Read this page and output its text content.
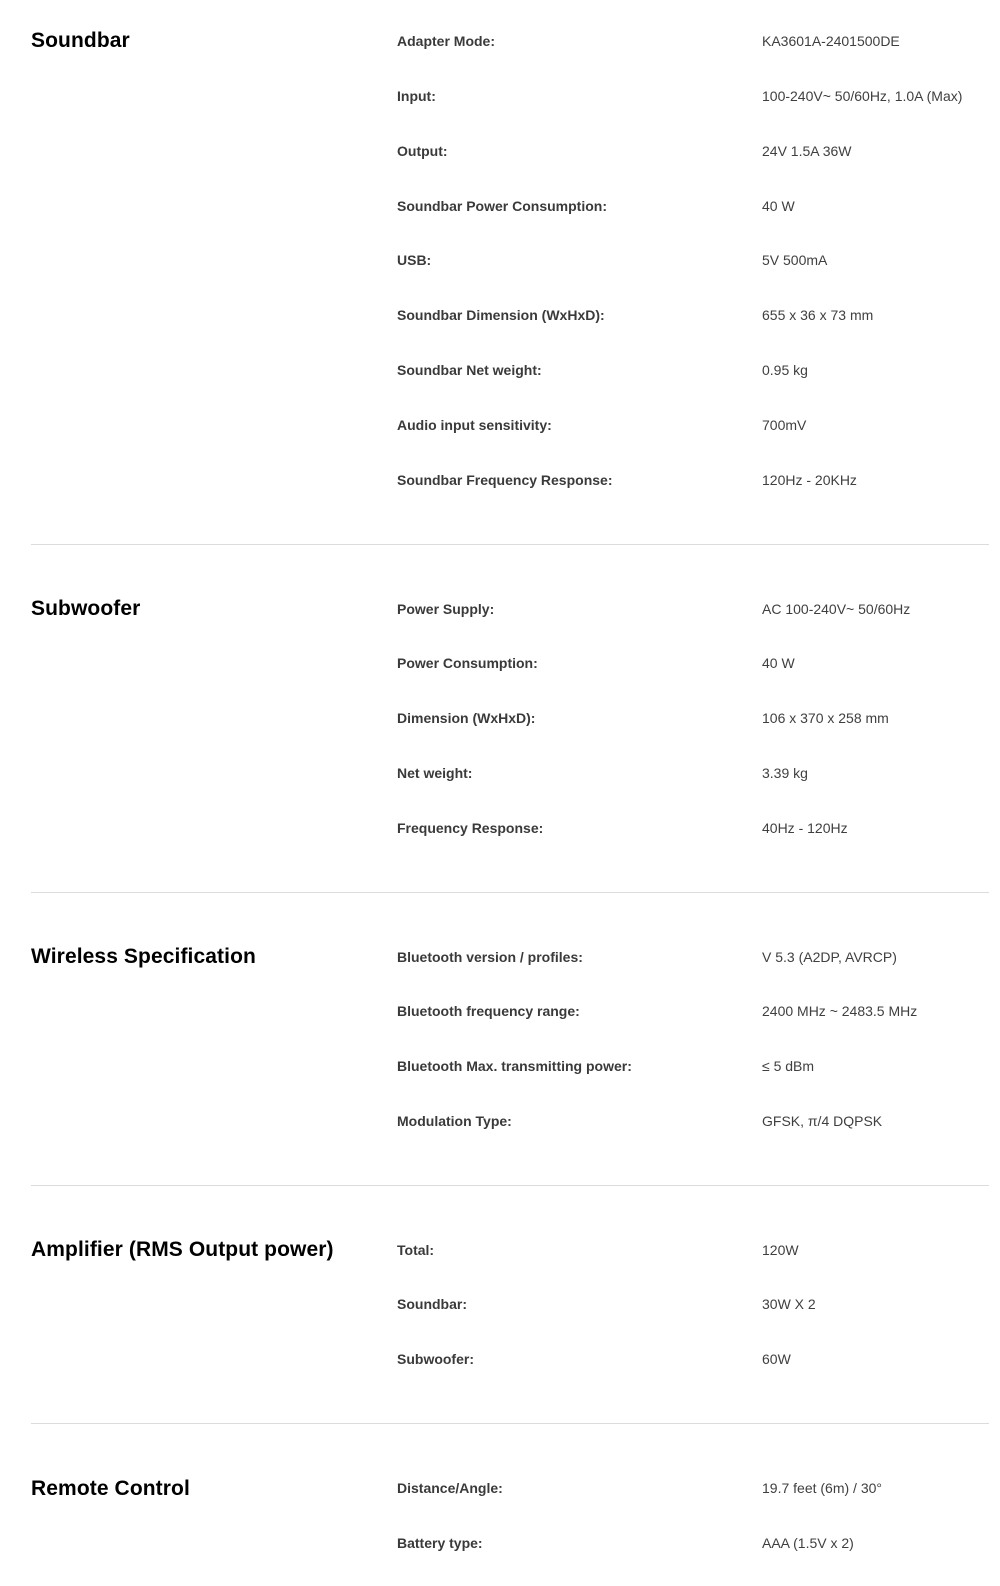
Soundbar	Adapter Mode:	KA3601A-2401500DE
Input:	100-240V~ 50/60Hz, 1.0A (Max)
Output:	24V 1.5A 36W
Soundbar Power Consumption:	40 W
USB:	5V 500mA
Soundbar Dimension (WxHxD):	655 x 36 x 73 mm
Soundbar Net weight:	0.95 kg
Audio input sensitivity:	700mV
Soundbar Frequency Response:	120Hz - 20KHz
Subwoofer	Power Supply:	AC 100-240V~ 50/60Hz
Power Consumption:	40 W
Dimension (WxHxD):	106 x 370 x 258 mm
Net weight:	3.39 kg
Frequency Response:	40Hz - 120Hz
Wireless Specification	Bluetooth version / profiles:	V 5.3 (A2DP, AVRCP)
Bluetooth frequency range:	2400 MHz ~ 2483.5 MHz
Bluetooth Max. transmitting power:	≤ 5 dBm
Modulation Type:	GFSK, π/4 DQPSK
Amplifier (RMS Output power)	Total:	120W
Soundbar:	30W X 2
Subwoofer:	60W
Remote Control	Distance/Angle:	19.7 feet (6m) / 30°
Battery type:	AAA (1.5V x 2)
